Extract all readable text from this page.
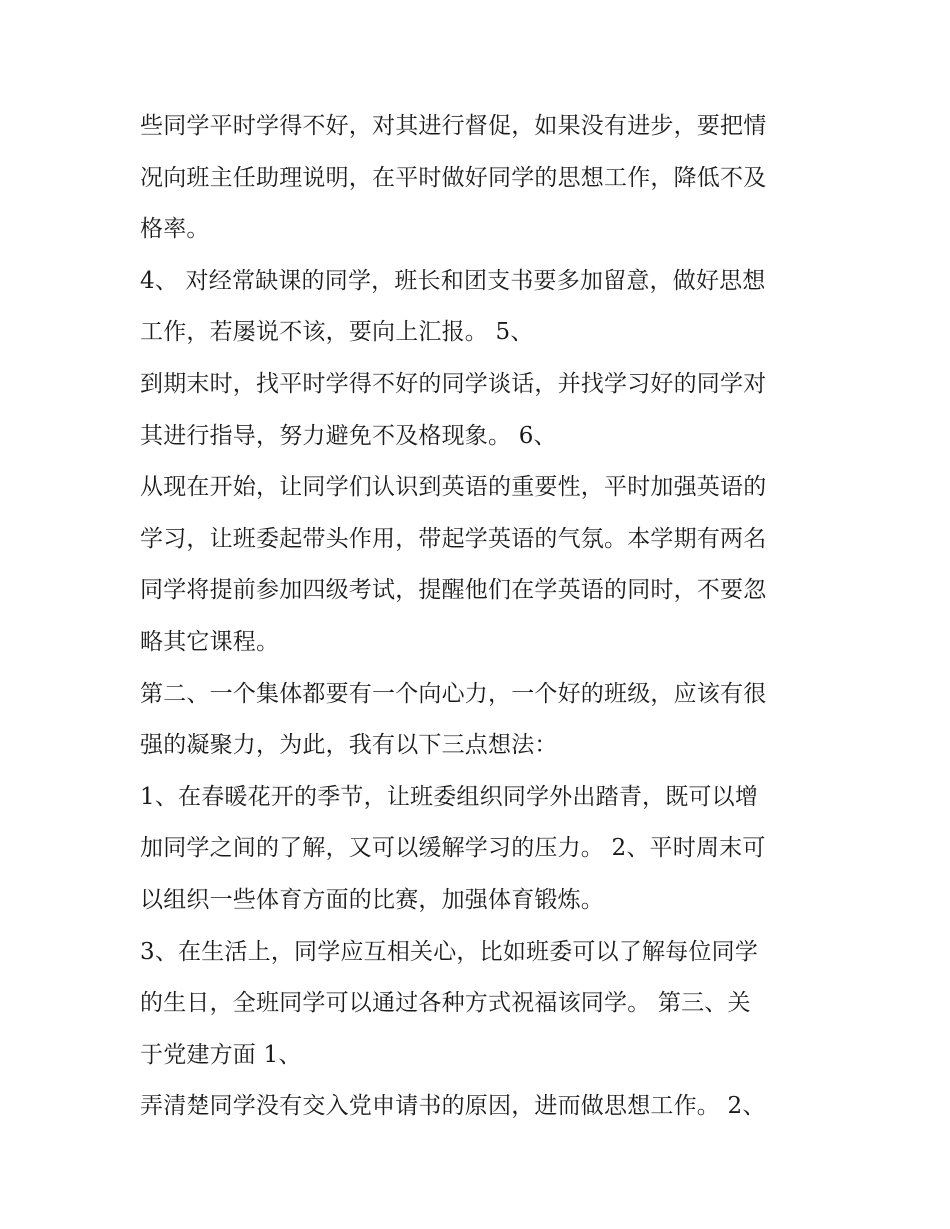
些同学平时学得不好，对其进行督促，如果没有进步，要把情
况向班主任助理说明，在平时做好同学的思想工作，降低不及
格率。
4、 对经常缺课的同学，班长和团支书要多加留意，做好思想
工作，若屡说不该，要向上汇报。 5、
到期末时，找平时学得不好的同学谈话，并找学习好的同学对
其进行指导，努力避免不及格现象。 6、
从现在开始，让同学们认识到英语的重要性，平时加强英语的
学习，让班委起带头作用，带起学英语的气氛。本学期有两名
同学将提前参加四级考试，提醒他们在学英语的同时，不要忽
略其它课程。
第二、一个集体都要有一个向心力，一个好的班级，应该有很
强的凝聚力，为此，我有以下三点想法：
1、在春暖花开的季节，让班委组织同学外出踏青，既可以增
加同学之间的了解，又可以缓解学习的压力。 2、平时周末可
以组织一些体育方面的比赛，加强体育锻炼。
3、在生活上，同学应互相关心，比如班委可以了解每位同学
的生日，全班同学可以通过各种方式祝福该同学。 第三、关
于党建方面 1、
弄清楚同学没有交入党申请书的原因，进而做思想工作。 2、
